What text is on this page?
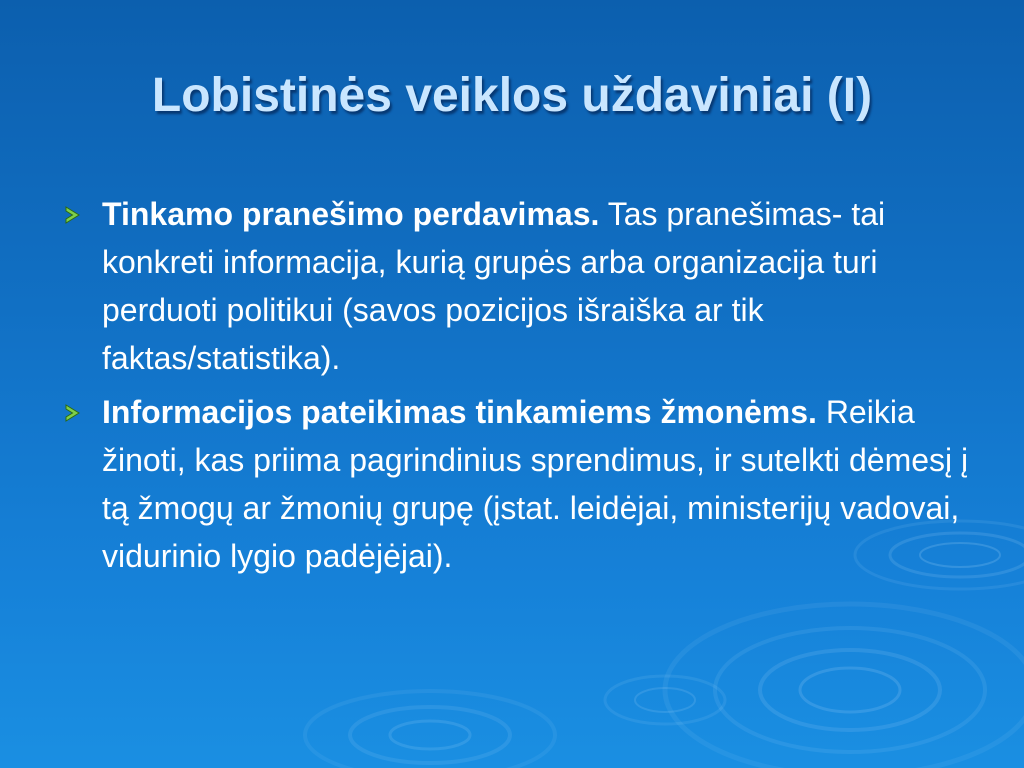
Lobistinės veiklos uždaviniai (I)
Tinkamo pranešimo perdavimas. Tas pranešimas- tai konkreti informacija, kurią grupės arba organizacija turi perduoti politikui (savos pozicijos išraiška ar tik faktas/statistika).
Informacijos pateikimas tinkamiems žmonėms. Reikia žinoti, kas priima pagrindinius sprendimus, ir sutelkti dėmesį į tą žmogų ar žmonių grupę (įstat. leidėjai, ministerijų vadovai, vidurinio lygio padėjėjai).
